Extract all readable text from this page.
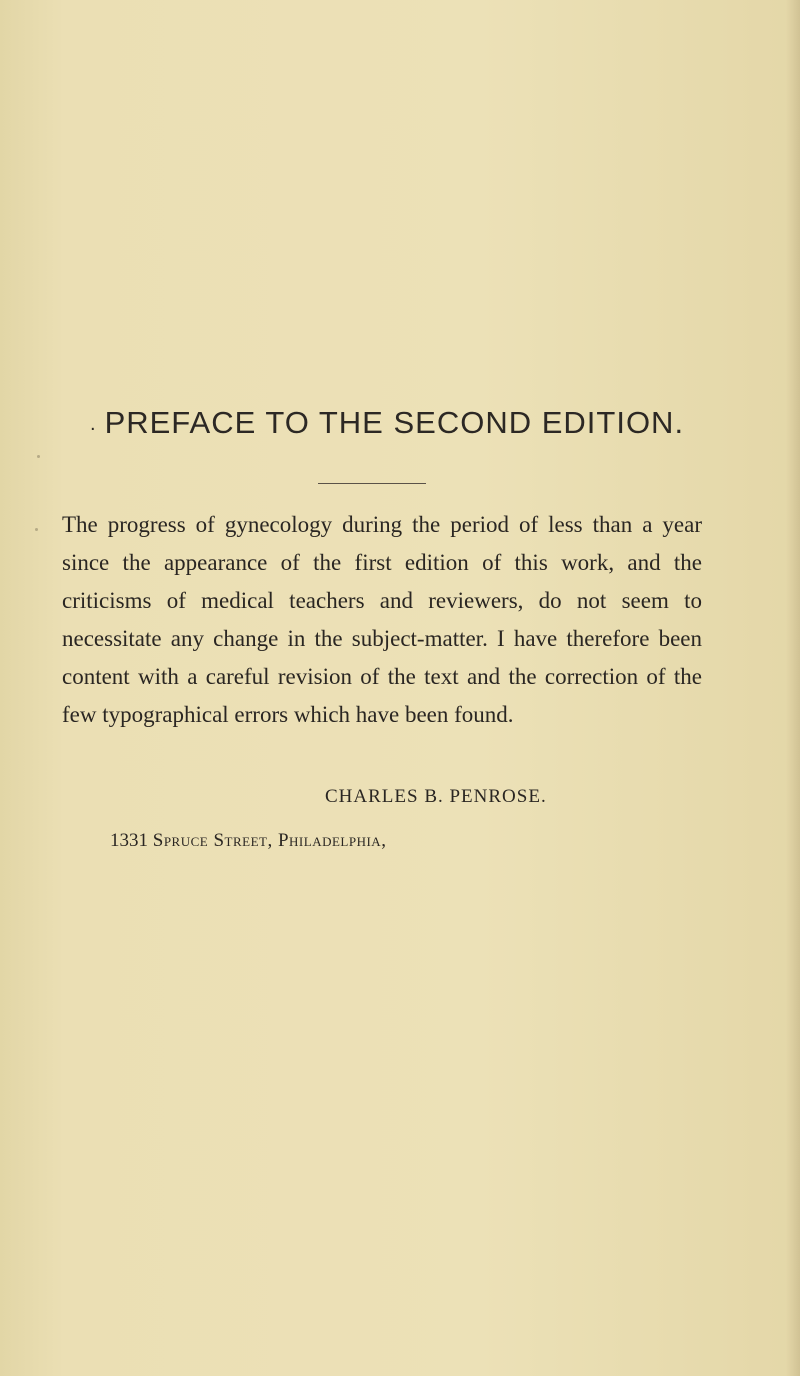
. PREFACE TO THE SECOND EDITION.

The progress of gynecology during the period of less than a year since the appearance of the first edition of this work, and the criticisms of medical teachers and reviewers, do not seem to necessitate any change in the subject-matter. I have therefore been content with a careful revision of the text and the correction of the few typographical errors which have been found.

CHARLES B. PENROSE.

1331 Spruce Street, Philadelphia,
